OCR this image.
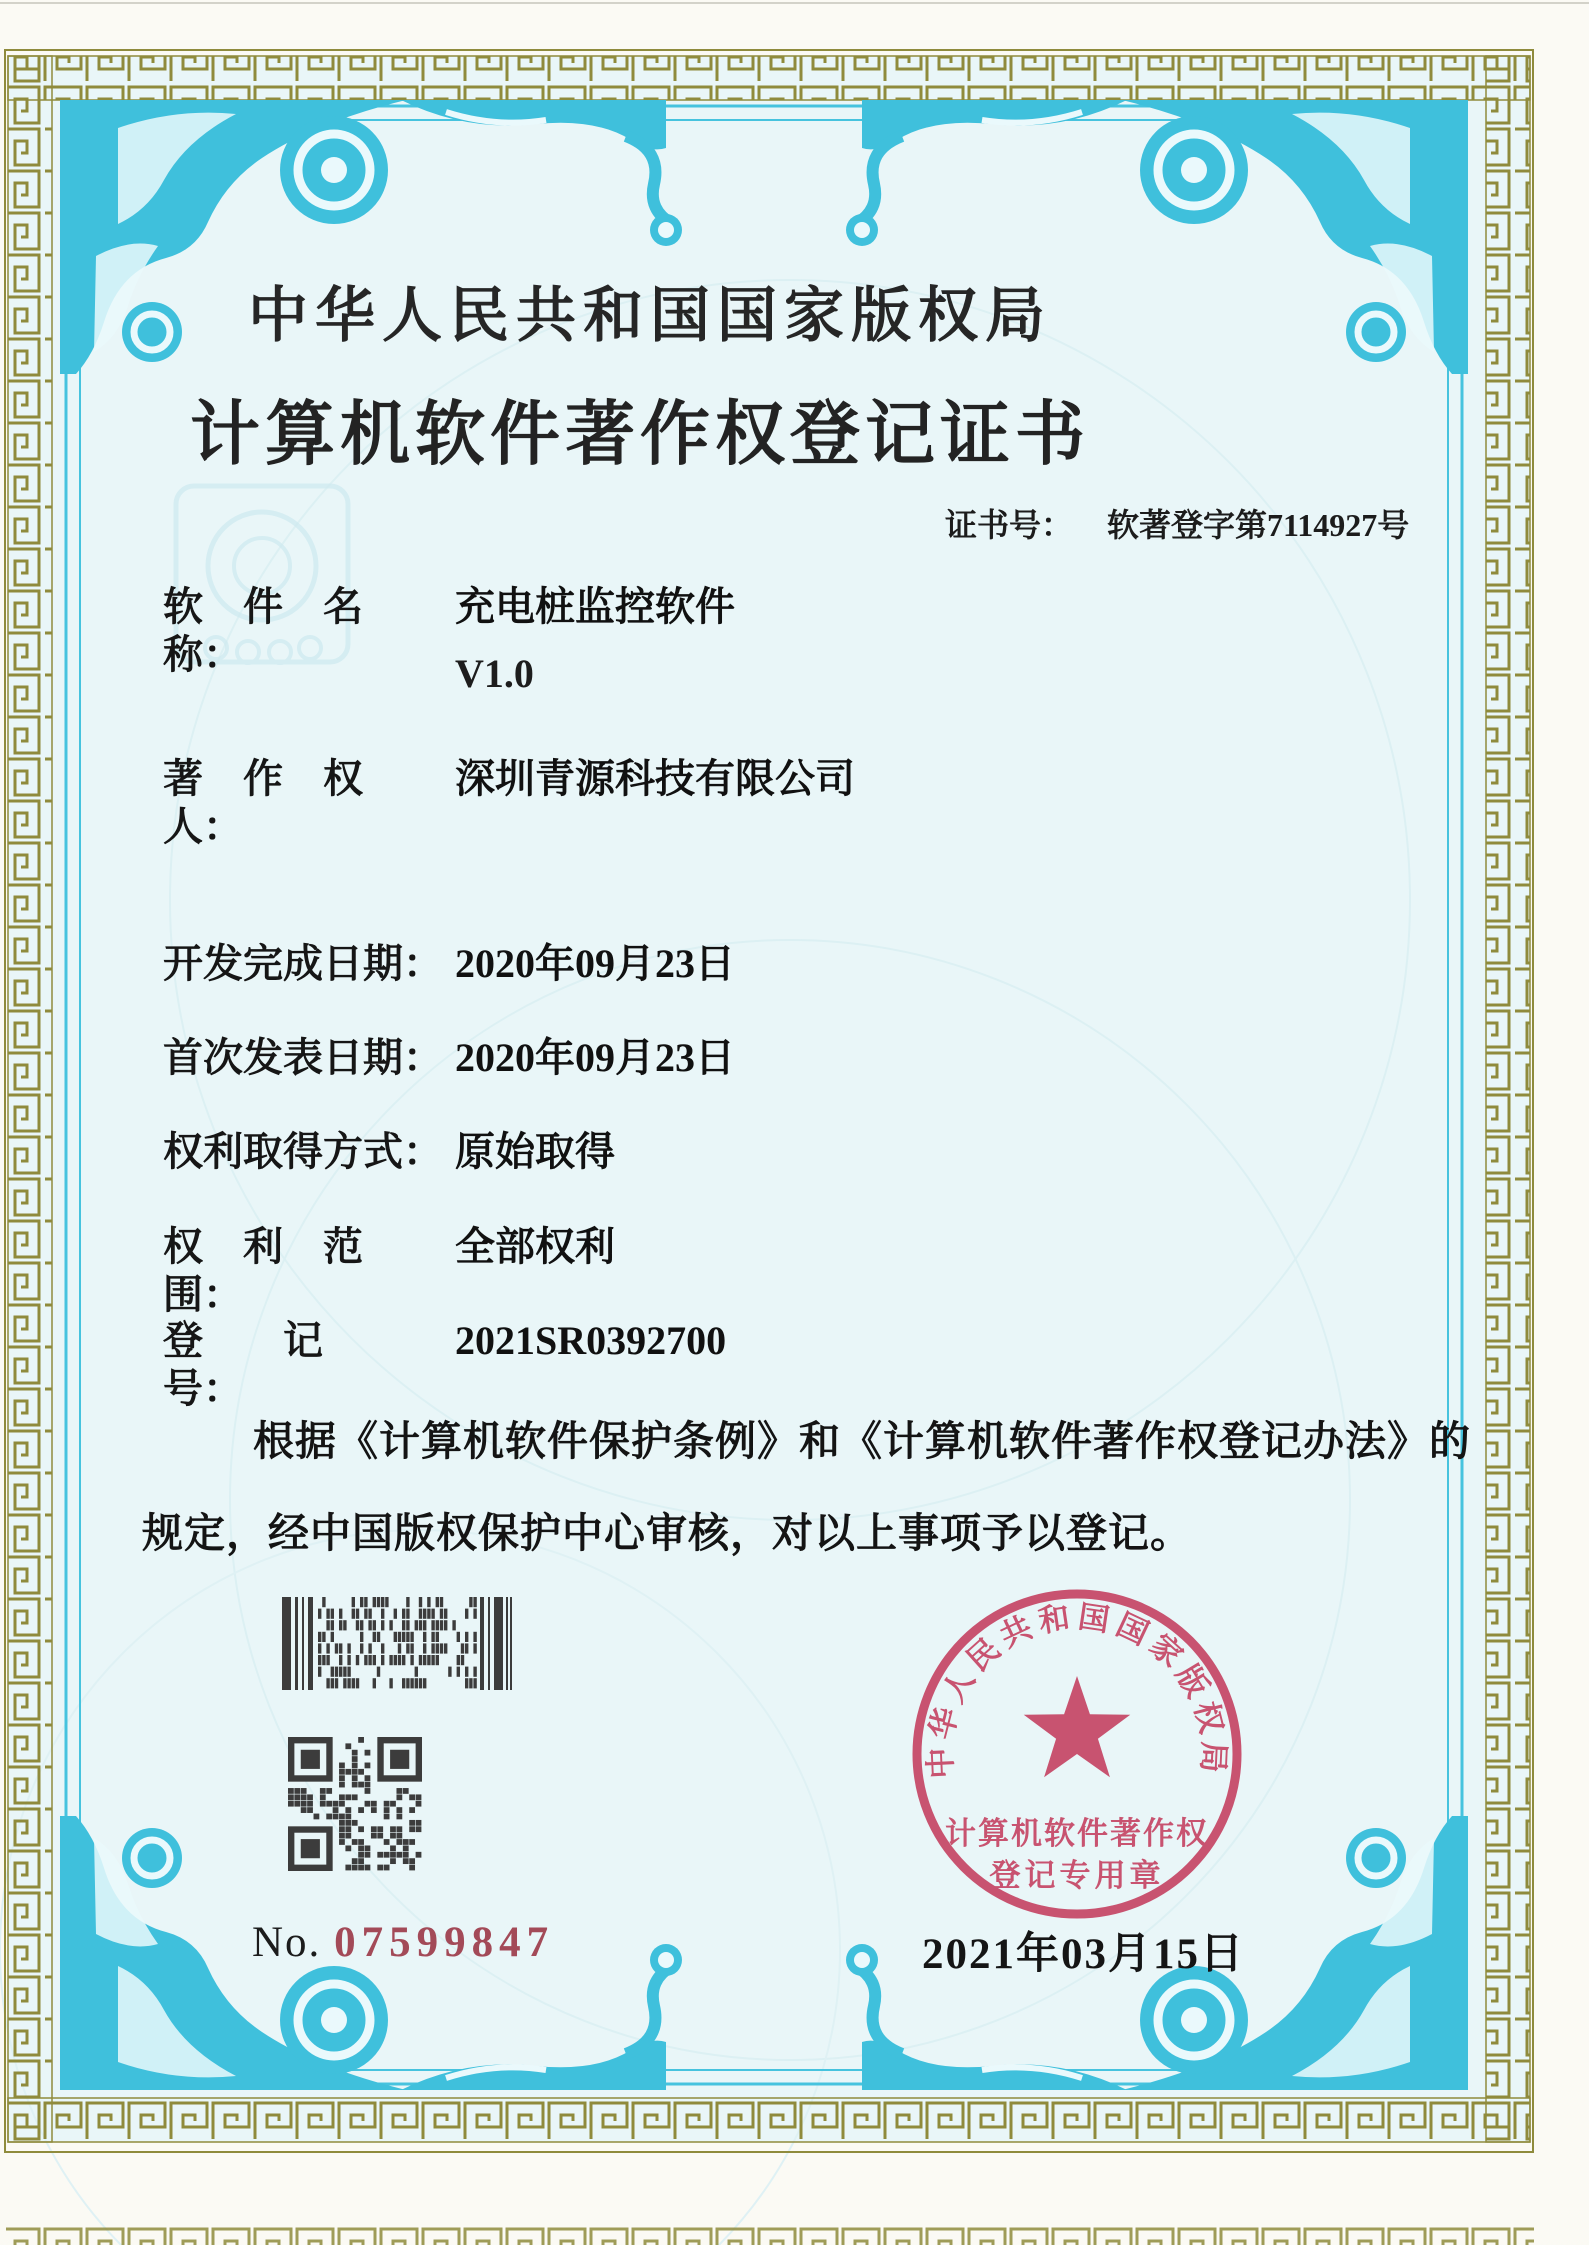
中华人民共和国国家版权局
计算机软件著作权登记证书
证书号： 软著登字第7114927号
软　件　名　称：
充电桩监控软件
V1.0
著　作　权　人：
深圳青源科技有限公司
开发完成日期： 2020年09月23日
首次发表日期： 2020年09月23日
权利取得方式： 原始取得
权　利　范　围：
全部权利
登　　记　　号：
2021SR0392700
根据《计算机软件保护条例》和《计算机软件著作权登记办法》的
规定，经中国版权保护中心审核，对以上事项予以登记。
No. 07599847
中华人民共和国国家版权局
计算机软件著作权
登记专用章
2021年03月15日
